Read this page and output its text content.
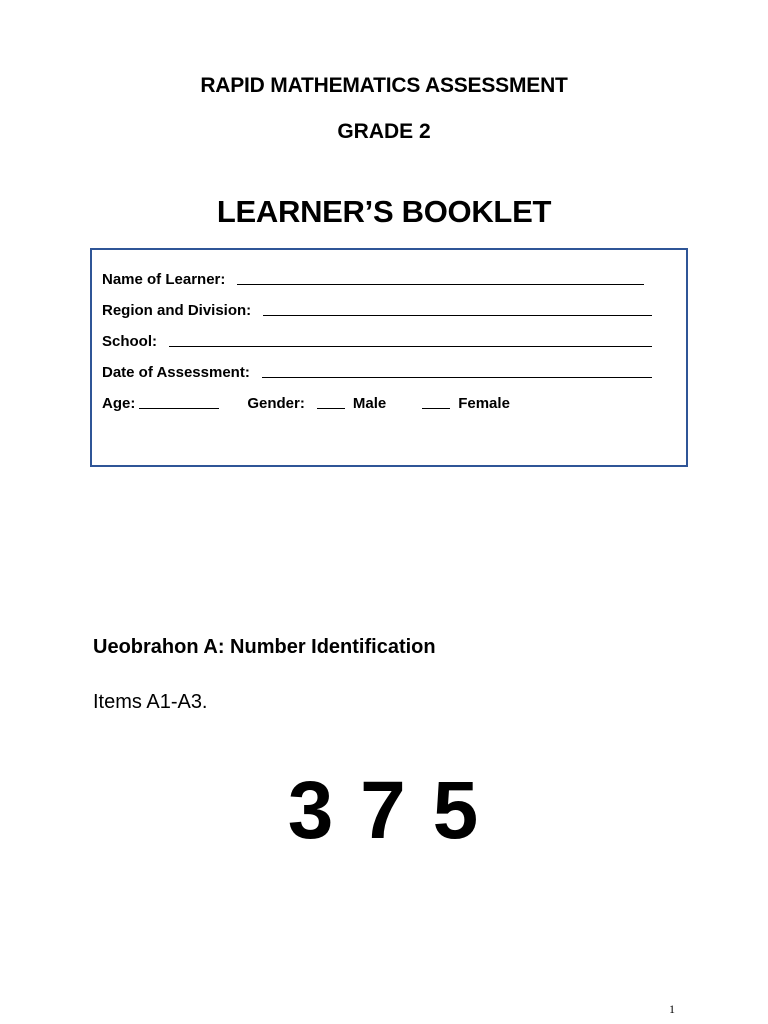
RAPID MATHEMATICS ASSESSMENT
GRADE 2
LEARNER’S BOOKLET
Name of Learner:
Region and Division:
School:
Date of Assessment:
Age:	Gender:	Male	Female
Ueobrahon A: Number Identification
Items A1-A3.
3 7 5
1
